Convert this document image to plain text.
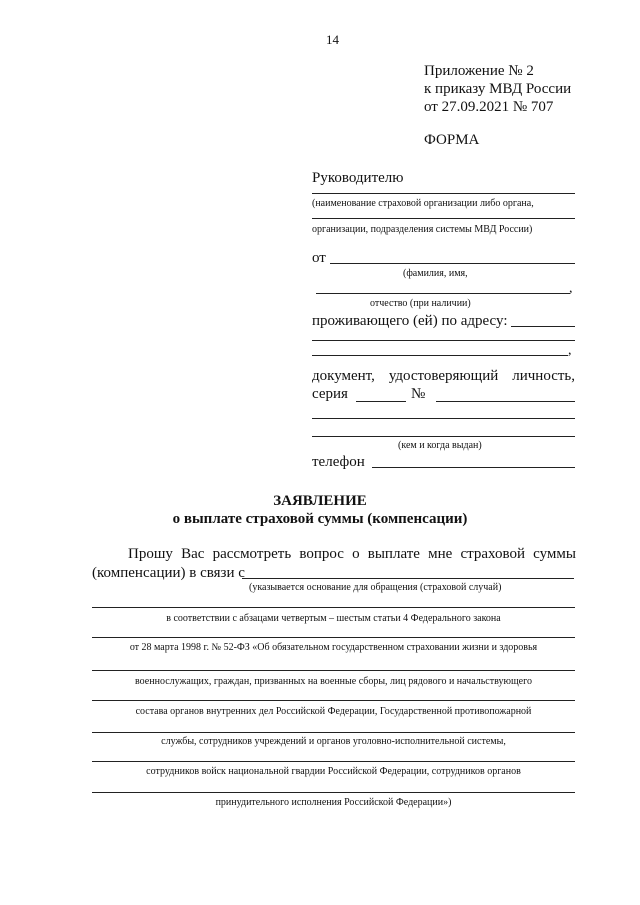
14
Приложение № 2
к приказу МВД России
от 27.09.2021 № 707
ФОРМА
Руководителю
(наименование страховой организации либо органа,
организации, подразделения системы МВД России)
от
(фамилия, имя,
,
отчество (при наличии)
проживающего (ей) по адресу:
,
документ, удостоверяющий личность,
серия	№
(кем и когда выдан)
телефон
ЗАЯВЛЕНИЕ
о выплате страховой суммы (компенсации)
Прошу Вас рассмотреть вопрос о выплате мне страховой суммы
(компенсации) в связи с
(указывается основание для обращения (страховой случай)
в соответствии с абзацами четвертым – шестым статьи 4 Федерального закона
от 28 марта 1998 г. № 52-ФЗ «Об обязательном государственном страховании жизни и здоровья
военнослужащих, граждан, призванных на военные сборы, лиц рядового и начальствующего
состава органов внутренних дел Российской Федерации, Государственной противопожарной
службы, сотрудников учреждений и органов уголовно-исполнительной системы,
сотрудников войск национальной гвардии Российской Федерации, сотрудников органов
принудительного исполнения Российской Федерации»)
